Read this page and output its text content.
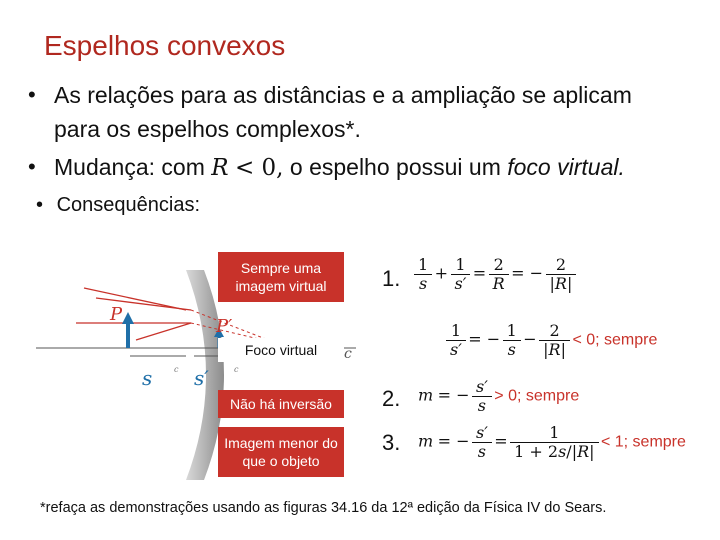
Espelhos convexos
• As relações para as distâncias e a ampliação se aplicam
para os espelhos complexos*.
• Mudança: com R < 0, o espelho possui um foco virtual.
• Consequências:
P
P′
s s′
c	c
c
Sempre uma imagem virtual
Foco virtual
Não há inversão
Imagem menor do que o objeto
1. $\frac{1}{s} + \frac{1}{s'} = \frac{2}{R}$ = − $\frac{2}{|R|}$
$\frac{1}{s'}$ = − $\frac{1}{s} - \frac{2}{|R|} < 0$; sempre
2. m = − $\frac{s'}{s} > 0$; sempre
3. m = − $\frac{s'}{s} = \frac{1}{1 + 2s/|R|} < 1$; sempre
*refaça as demonstrações usando as figuras 34.16 da 12ª edição da Física IV do Sears.
